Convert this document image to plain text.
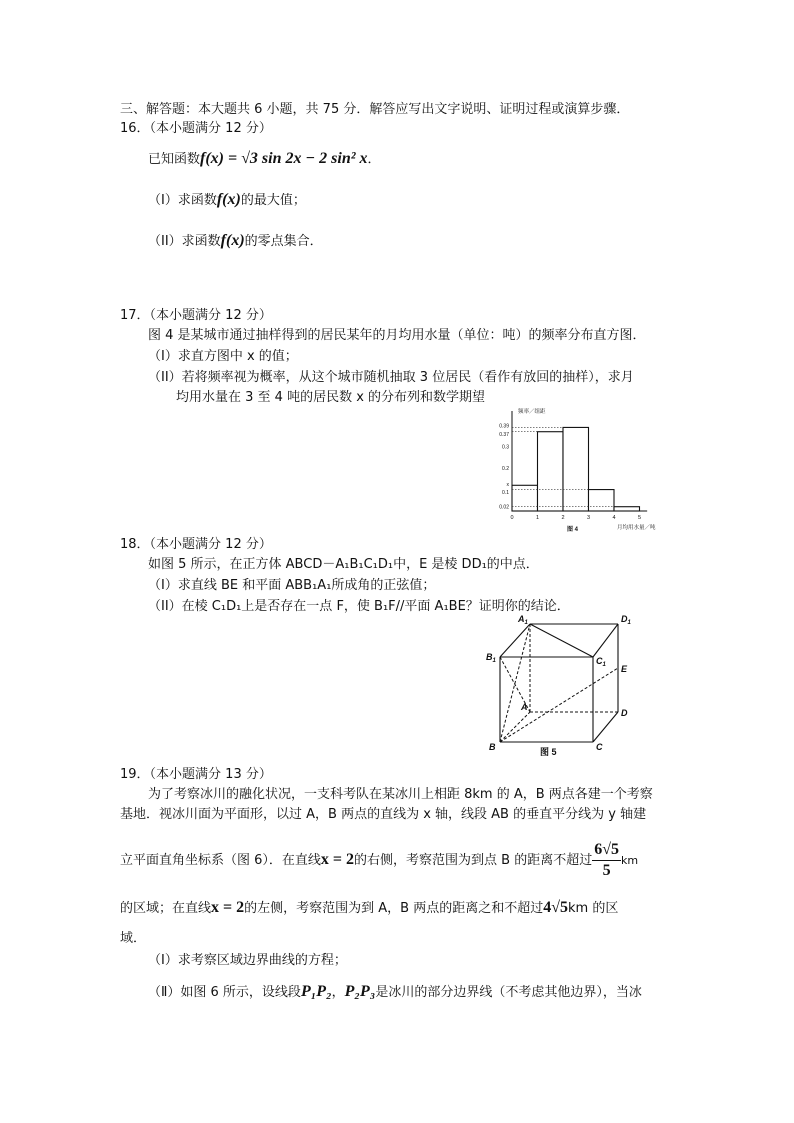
三、解答题：本大题共 6 小题，共 75 分．解答应写出文字说明、证明过程或演算步骤．
16．（本小题满分 12 分）
已知函数f(x) = √3 sin 2x − 2 sin² x．
（Ⅰ）求函数f(x)的最大值；
（II）求函数f(x)的零点集合．
17．（本小题满分 12 分）
图 4 是某城市通过抽样得到的居民某年的月均用水量（单位：吨）的频率分布直方图．
（I）求直方图中 x 的值；
（II）若将频率视为概率，从这个城市随机抽取 3 位居民（看作有放回的抽样），求月
均用水量在 3 至 4 吨的居民数 x 的分布列和数学期望
频率／组距
月均用水量／吨
图 4
0.39
0.37
0.3
0.2
x
0.1
0.02
0	1	2	3	4	5
18．（本小题满分 12 分）
如图 5 所示，在正方体 ABCD－A₁B₁C₁D₁中，E 是棱 DD₁的中点．
（I）求直线 BE 和平面 ABB₁A₁所成角的正弦值；
（II）在棱 C₁D₁上是否存在一点 F，使 B₁F//平面 A₁BE？证明你的结论．
$A_1$	$D_1$
$B_1$	$C_1$ E
A
D
B	C
图 5
19．（本小题满分 13 分）
为了考察冰川的融化状况，一支科考队在某冰川上相距 8km 的 A，B 两点各建一个考察
基地．视冰川面为平面形，以过 A，B 两点的直线为 x 轴，线段 AB 的垂直平分线为 y 轴建
立平面直角坐标系（图 6）．在直线x = 2的右侧，考察范围为到点 B 的距离不超过 $\frac{6√5}{5}$ km
的区域；在直线x = 2的左侧，考察范围为到 A，B 两点的距离之和不超过4√5km 的区
域．
（Ⅰ）求考察区域边界曲线的方程；
（Ⅱ）如图 6 所示，设线段P₁P₂，P₂P₃是冰川的部分边界线（不考虑其他边界），当冰
